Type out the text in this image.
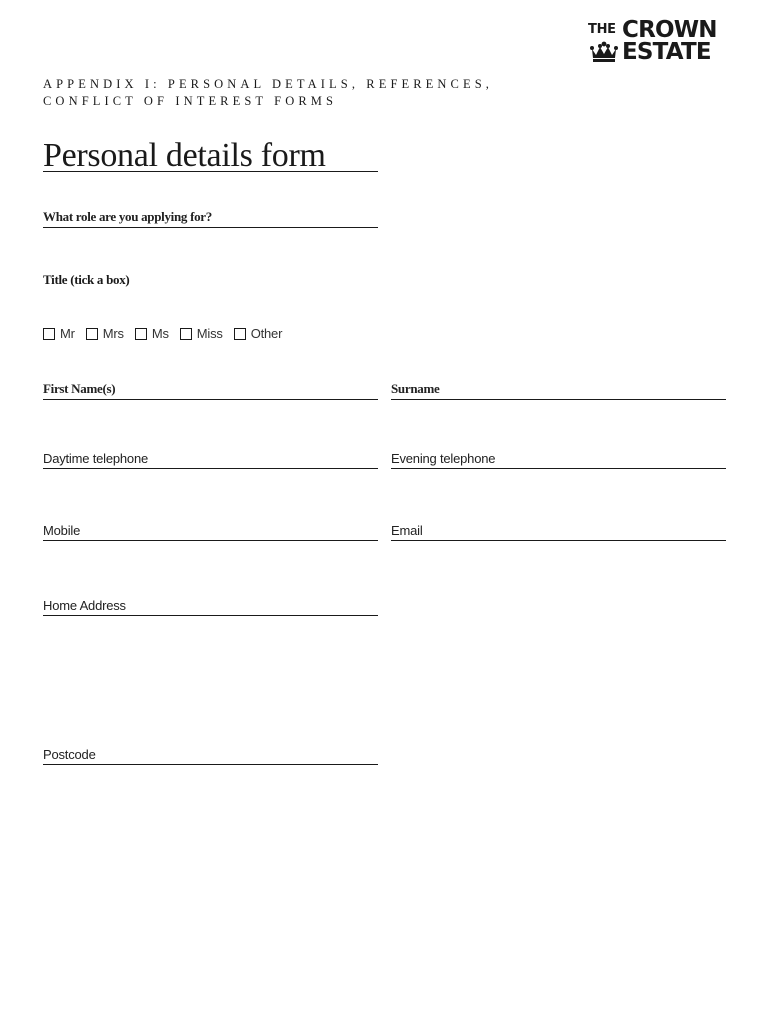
THE CROWN
ESTATE
APPENDIX I: PERSONAL DETAILS, REFERENCES,
CONFLICT OF INTEREST FORMS
Personal details form
What role are you applying for?
Title (tick a box)
Mr Mrs Ms Miss Other
First Name(s)	Surname
Daytime telephone	Evening telephone
Mobile	Email
Home Address
Postcode
